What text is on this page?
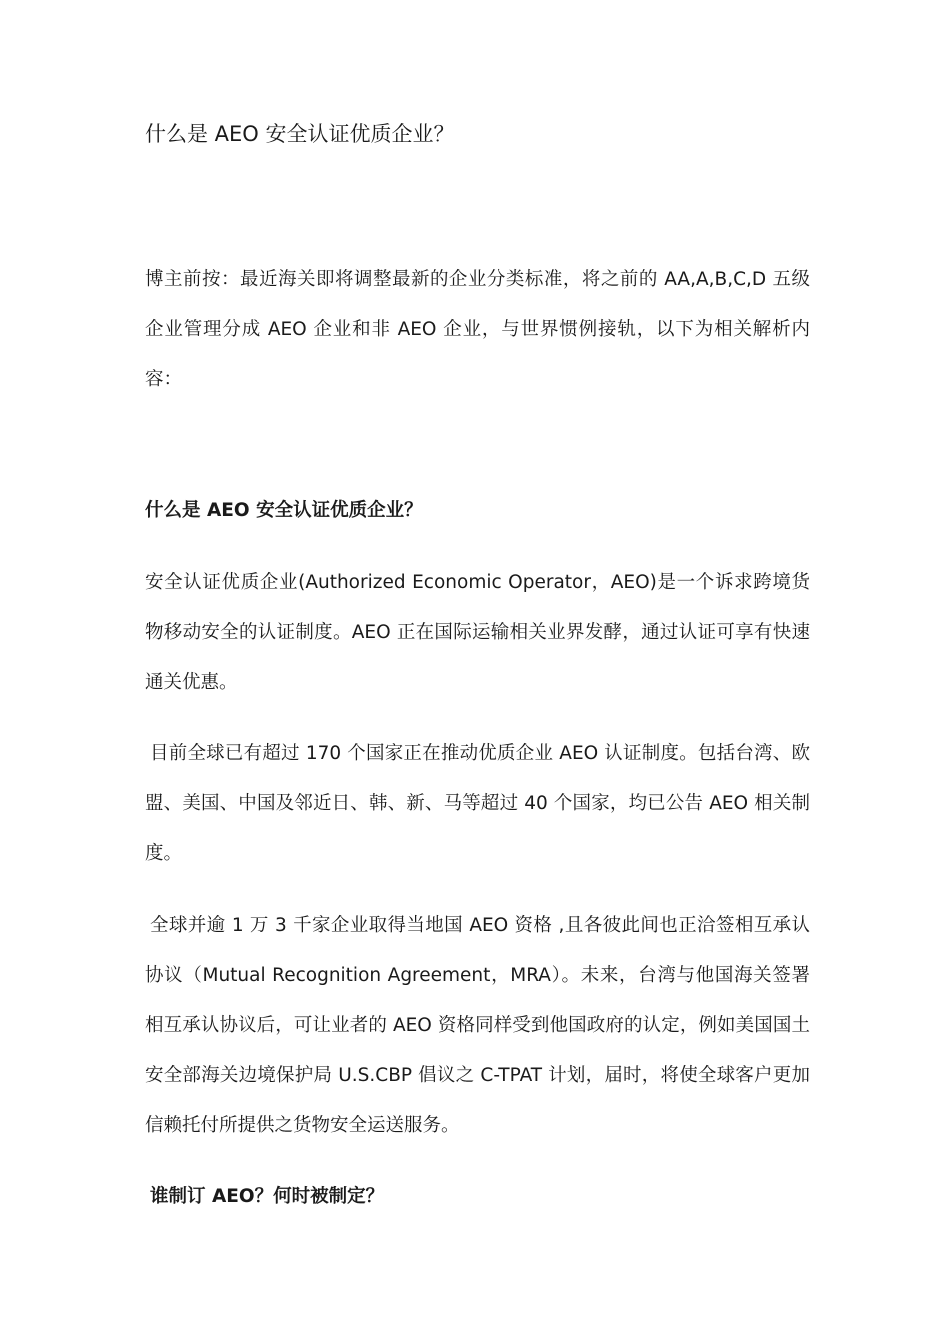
什么是 AEO 安全认证优质企业？

博主前按：最近海关即将调整最新的企业分类标准，将之前的 AA,A,B,C,D 五级企业管理分成 AEO 企业和非 AEO 企业，与世界惯例接轨，以下为相关解析内容：

什么是 AEO 安全认证优质企业？

安全认证优质企业(Authorized Economic Operator，AEO)是一个诉求跨境货物移动安全的认证制度。AEO 正在国际运输相关业界发酵，通过认证可享有快速通关优惠。

目前全球已有超过 170 个国家正在推动优质企业 AEO 认证制度。包括台湾、欧盟、美国、中国及邻近日、韩、新、马等超过 40 个国家，均已公告 AEO 相关制度。

全球并逾 1 万 3 千家企业取得当地国 AEO 资格 ,且各彼此间也正洽签相互承认协议（Mutual Recognition Agreement，MRA）。未来，台湾与他国海关签署相互承认协议后，可让业者的 AEO 资格同样受到他国政府的认定，例如美国国土安全部海关边境保护局 U.S.CBP 倡议之 C-TPAT 计划，届时，将使全球客户更加信赖托付所提供之货物安全运送服务。

谁制订 AEO？何时被制定？
